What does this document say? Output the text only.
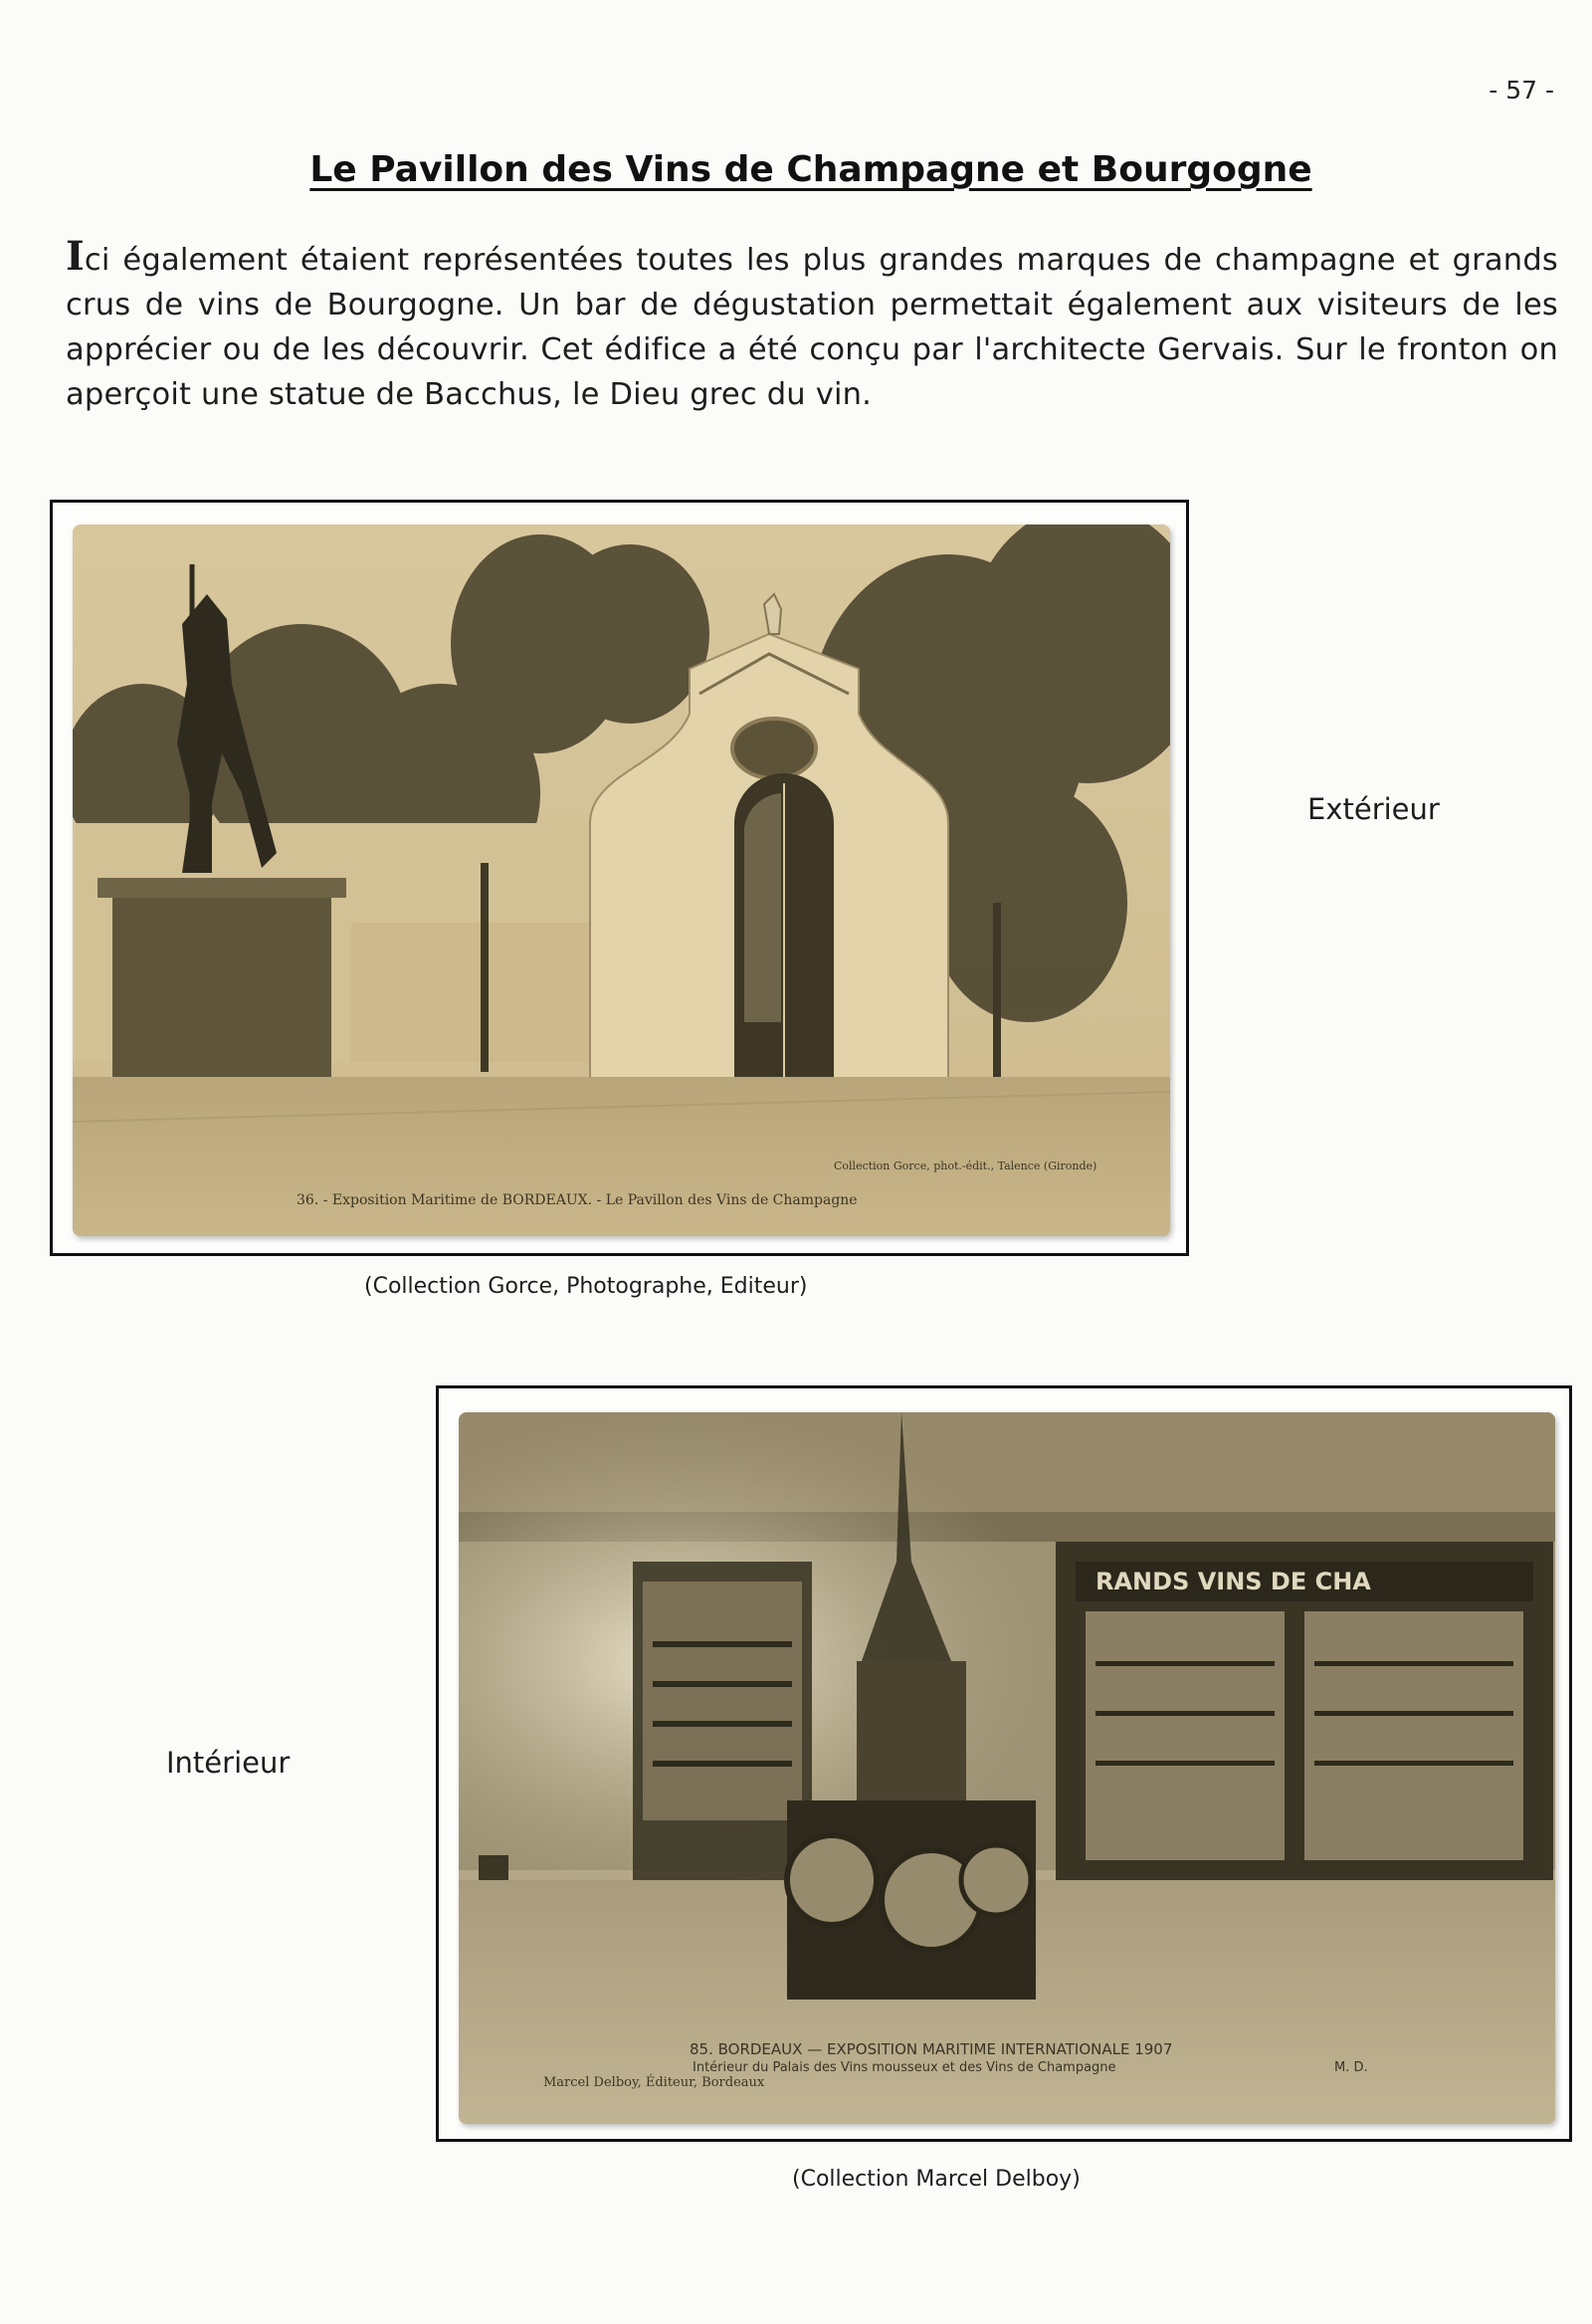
- 57 -
Le Pavillon des Vins de Champagne et Bourgogne

Ici également étaient représentées toutes les plus grandes marques de champagne et grands crus de vins de Bourgogne. Un bar de dégustation permettait également aux visiteurs de les apprécier ou de les découvrir. Cet édifice a été conçu par l'architecte Gervais. Sur le fronton on aperçoit une statue de Bacchus, le Dieu grec du vin.

Collection Gorce, phot.-édit., Talence (Gironde)
36. - Exposition Maritime de BORDEAUX. - Le Pavillon des Vins de Champagne
Extérieur
(Collection Gorce, Photographe, Editeur)
RANDS VINS DE CHA
85. BORDEAUX — EXPOSITION MARITIME INTERNATIONALE 1907
Intérieur du Palais des Vins mousseux et des Vins de Champagne	M. D.
Marcel Delboy, Éditeur, Bordeaux
Intérieur
(Collection Marcel Delboy)
